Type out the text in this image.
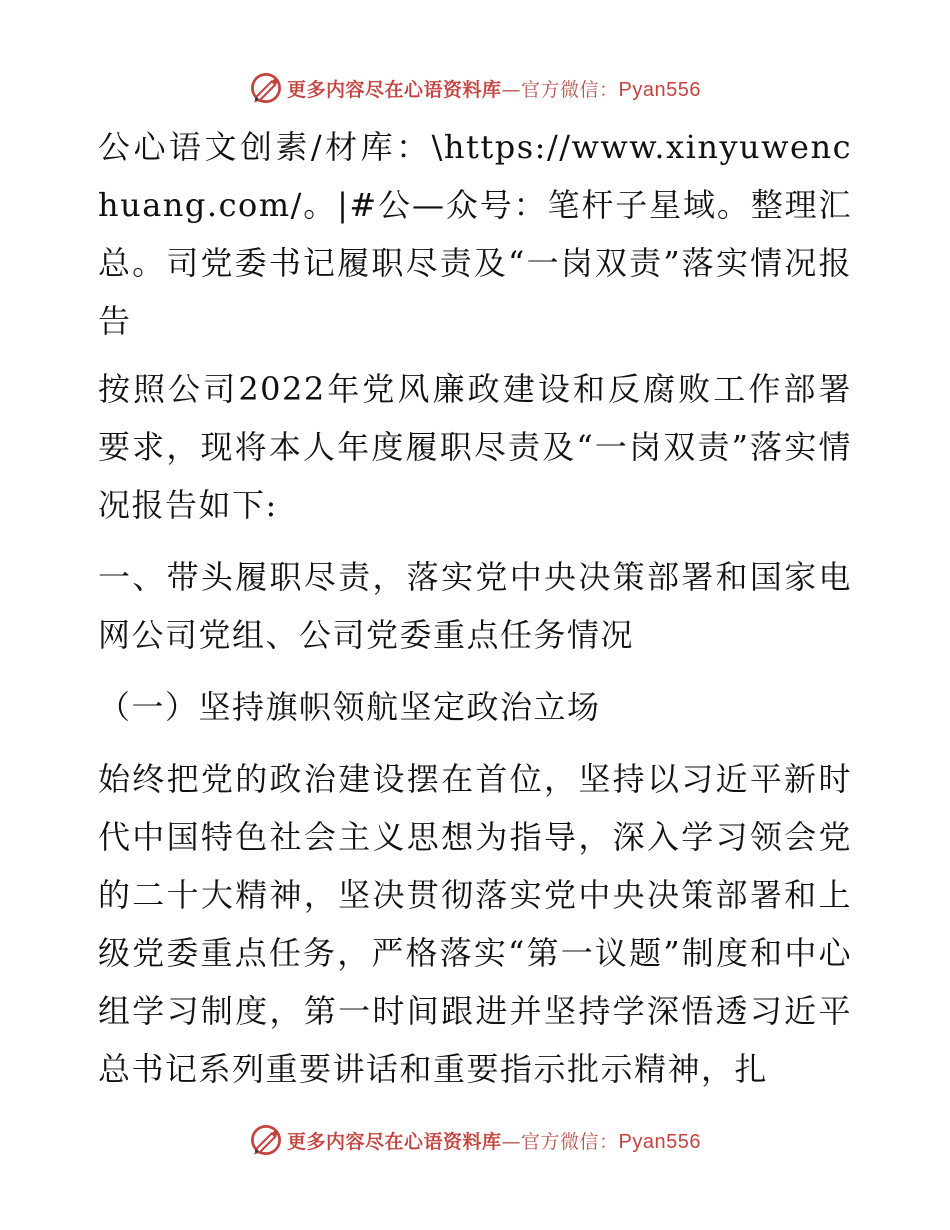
更多内容尽在心语资料库—官方微信：Pyan556

公心语文创素/材库：\https://www.xinyuwenchuang.com/。|#公—众号：笔杆子星域。整理汇总。司党委书记履职尽责及“一岗双责”落实情况报告

按照公司2022年党风廉政建设和反腐败工作部署要求，现将本人年度履职尽责及“一岗双责”落实情况报告如下:

一、带头履职尽责，落实党中央决策部署和国家电网公司党组、公司党委重点任务情况

（一）坚持旗帜领航坚定政治立场

始终把党的政治建设摆在首位，坚持以习近平新时代中国特色社会主义思想为指导，深入学习领会党的二十大精神，坚决贯彻落实党中央决策部署和上级党委重点任务，严格落实“第一议题”制度和中心组学习制度，第一时间跟进并坚持学深悟透习近平总书记系列重要讲话和重要指示批示精神，扎

更多内容尽在心语资料库—官方微信：Pyan556
